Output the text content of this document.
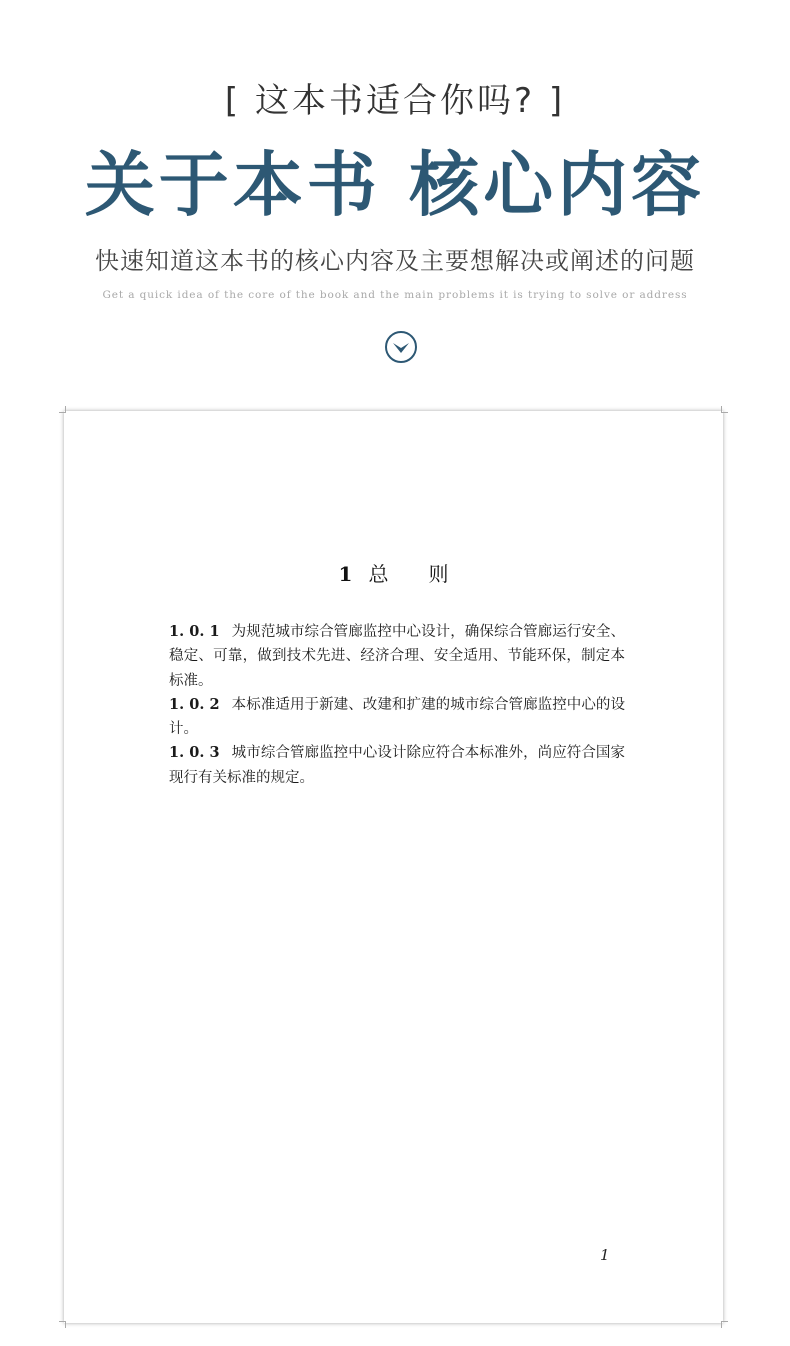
[ 这本书适合你吗? ]
关于本书 核心内容
快速知道这本书的核心内容及主要想解决或阐述的问题
Get a quick idea of the core of the book and the main problems it is trying to solve or address
1 总则

1. 0. 1 为规范城市综合管廊监控中心设计，确保综合管廊运行安全、稳定、可靠，做到技术先进、经济合理、安全适用、节能环保，制定本标准。

1. 0. 2 本标准适用于新建、改建和扩建的城市综合管廊监控中心的设计。

1. 0. 3 城市综合管廊监控中心设计除应符合本标准外，尚应符合国家现行有关标准的规定。

1
